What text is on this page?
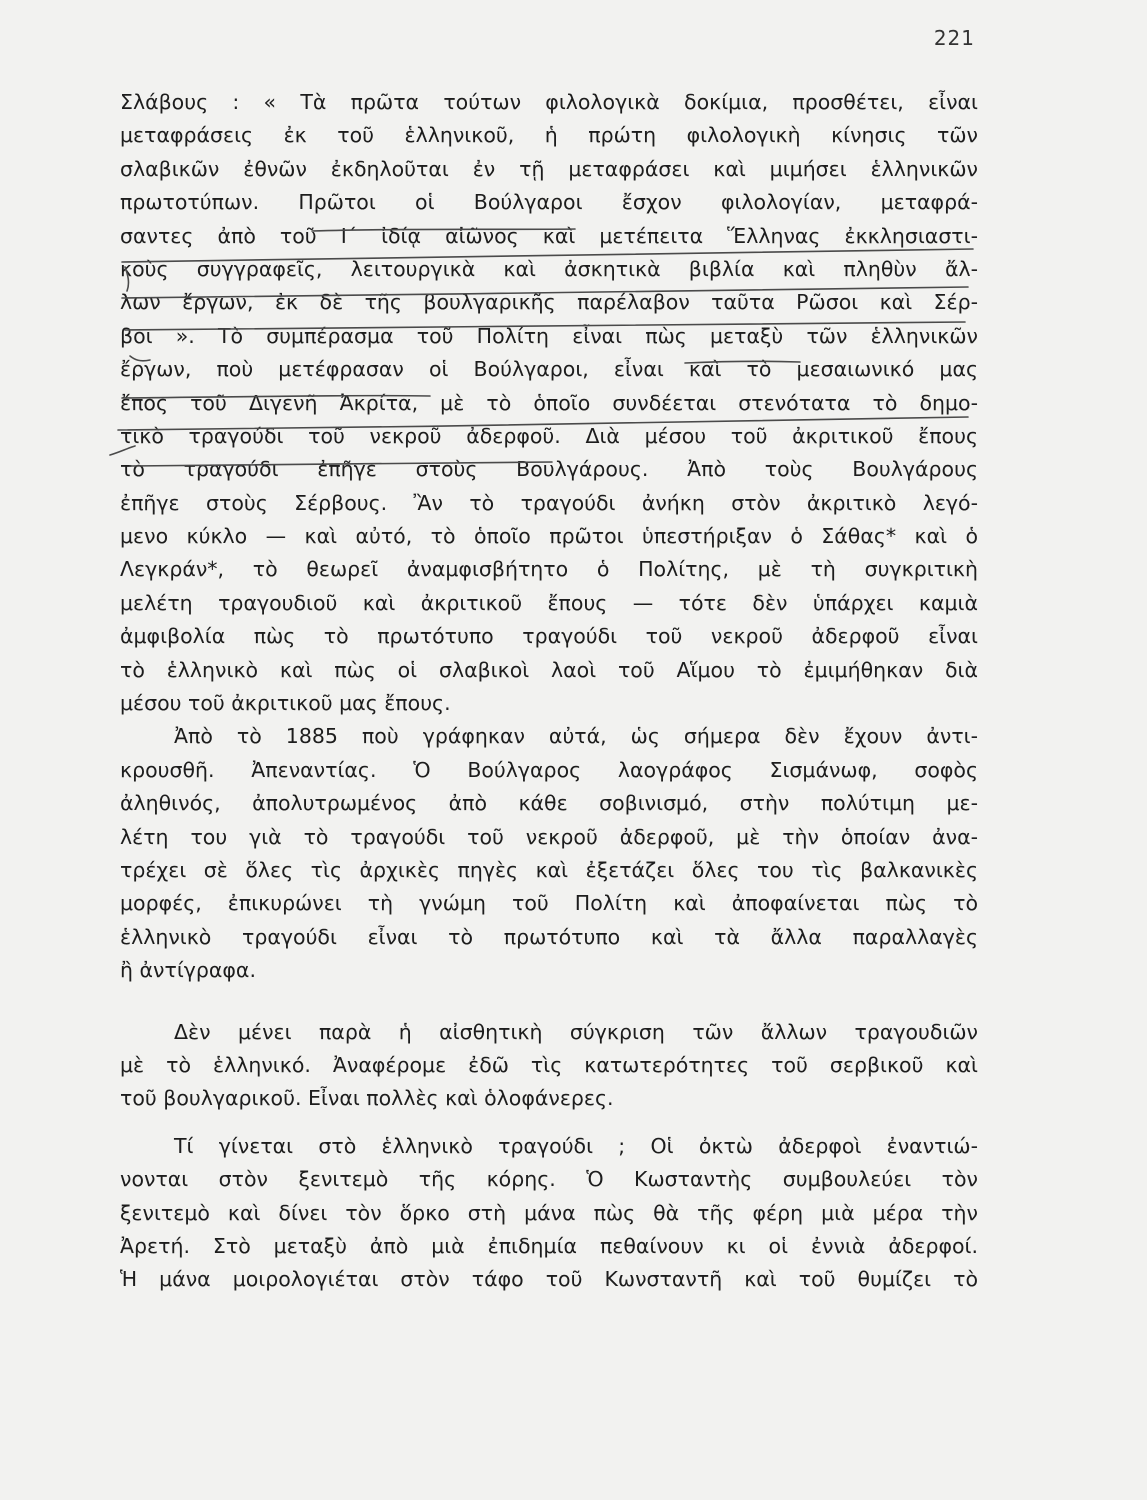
221
Σλάβους : « Τὰ πρῶτα τούτων φιλολογικὰ δοκίμια, προσθέτει, εἶναι
μεταφράσεις ἐκ τοῦ ἑλληνικοῦ, ἡ πρώτη φιλολογικὴ κίνησις τῶν
σλαβικῶν ἐθνῶν ἐκδηλοῦται ἐν τῇ μεταφράσει καὶ μιμήσει ἑλληνικῶν
πρωτοτύπων. Πρῶτοι οἱ Βούλγαροι ἔσχον φιλολογίαν, μεταφρά-
σαντες ἀπὸ τοῦ Ι΄ ἰδίᾳ αἰῶνος καὶ μετέπειτα Ἕλληνας ἐκκλησιαστι-
κοὺς συγγραφεῖς, λειτουργικὰ καὶ ἀσκητικὰ βιβλία καὶ πληθὺν ἄλ-
λων ἔργων, ἐκ δὲ τῆς βουλγαρικῆς παρέλαβον ταῦτα Ρῶσοι καὶ Σέρ-
βοι ». Τὸ συμπέρασμα τοῦ Πολίτη εἶναι πὼς μεταξὺ τῶν ἑλληνικῶν
ἔργων, ποὺ μετέφρασαν οἱ Βούλγαροι, εἶναι καὶ τὸ μεσαιωνικό μας
ἔπος τοῦ Διγενῆ Ἀκρίτα, μὲ τὸ ὁποῖο συνδέεται στενότατα τὸ δημο-
τικὸ τραγούδι τοῦ νεκροῦ ἀδερφοῦ. Διὰ μέσου τοῦ ἀκριτικοῦ ἔπους
τὸ τραγούδι ἐπῆγε στοὺς Βουλγάρους. Ἀπὸ τοὺς Βουλγάρους
ἐπῆγε στοὺς Σέρβους. Ἂν τὸ τραγούδι ἀνήκη στὸν ἀκριτικὸ λεγό-
μενο κύκλο — καὶ αὐτό, τὸ ὁποῖο πρῶτοι ὑπεστήριξαν ὁ Σάθας* καὶ ὁ
Λεγκράν*, τὸ θεωρεῖ ἀναμφισβήτητο ὁ Πολίτης, μὲ τὴ συγκριτικὴ
μελέτη τραγουδιοῦ καὶ ἀκριτικοῦ ἔπους — τότε δὲν ὑπάρχει καμιὰ
ἀμφιβολία πὼς τὸ πρωτότυπο τραγούδι τοῦ νεκροῦ ἀδερφοῦ εἶναι
τὸ ἑλληνικὸ καὶ πὼς οἱ σλαβικοὶ λαοὶ τοῦ Αἵμου τὸ ἐμιμήθηκαν διὰ
μέσου τοῦ ἀκριτικοῦ μας ἔπους.
Ἀπὸ τὸ 1885 ποὺ γράφηκαν αὐτά, ὡς σήμερα δὲν ἔχουν ἀντι-
κρουσθῆ. Ἀπεναντίας. Ὁ Βούλγαρος λαογράφος Σισμάνωφ, σοφὸς
ἀληθινός, ἀπολυτρωμένος ἀπὸ κάθε σοβινισμό, στὴν πολύτιμη με-
λέτη του γιὰ τὸ τραγούδι τοῦ νεκροῦ ἀδερφοῦ, μὲ τὴν ὁποίαν ἀνα-
τρέχει σὲ ὅλες τὶς ἀρχικὲς πηγὲς καὶ ἐξετάζει ὅλες του τὶς βαλκανικὲς
μορφές, ἐπικυρώνει τὴ γνώμη τοῦ Πολίτη καὶ ἀποφαίνεται πὼς τὸ
ἑλληνικὸ τραγούδι εἶναι τὸ πρωτότυπο καὶ τὰ ἄλλα παραλλαγὲς
ἢ ἀντίγραφα.
Δὲν μένει παρὰ ἡ αἰσθητικὴ σύγκριση τῶν ἄλλων τραγουδιῶν
μὲ τὸ ἑλληνικό. Ἀναφέρομε ἐδῶ τὶς κατωτερότητες τοῦ σερβικοῦ καὶ
τοῦ βουλγαρικοῦ. Εἶναι πολλὲς καὶ ὁλοφάνερες.
Τί γίνεται στὸ ἑλληνικὸ τραγούδι ; Οἱ ὀκτὼ ἀδερφοὶ ἐναντιώ-
νονται στὸν ξενιτεμὸ τῆς κόρης. Ὁ Κωσταντὴς συμβουλεύει τὸν
ξενιτεμὸ καὶ δίνει τὸν ὅρκο στὴ μάνα πὼς θὰ τῆς φέρη μιὰ μέρα τὴν
Ἀρετή. Στὸ μεταξὺ ἀπὸ μιὰ ἐπιδημία πεθαίνουν κι οἱ ἐννιὰ ἀδερφοί.
Ἡ μάνα μοιρολογιέται στὸν τάφο τοῦ Κωνσταντῆ καὶ τοῦ θυμίζει τὸ
